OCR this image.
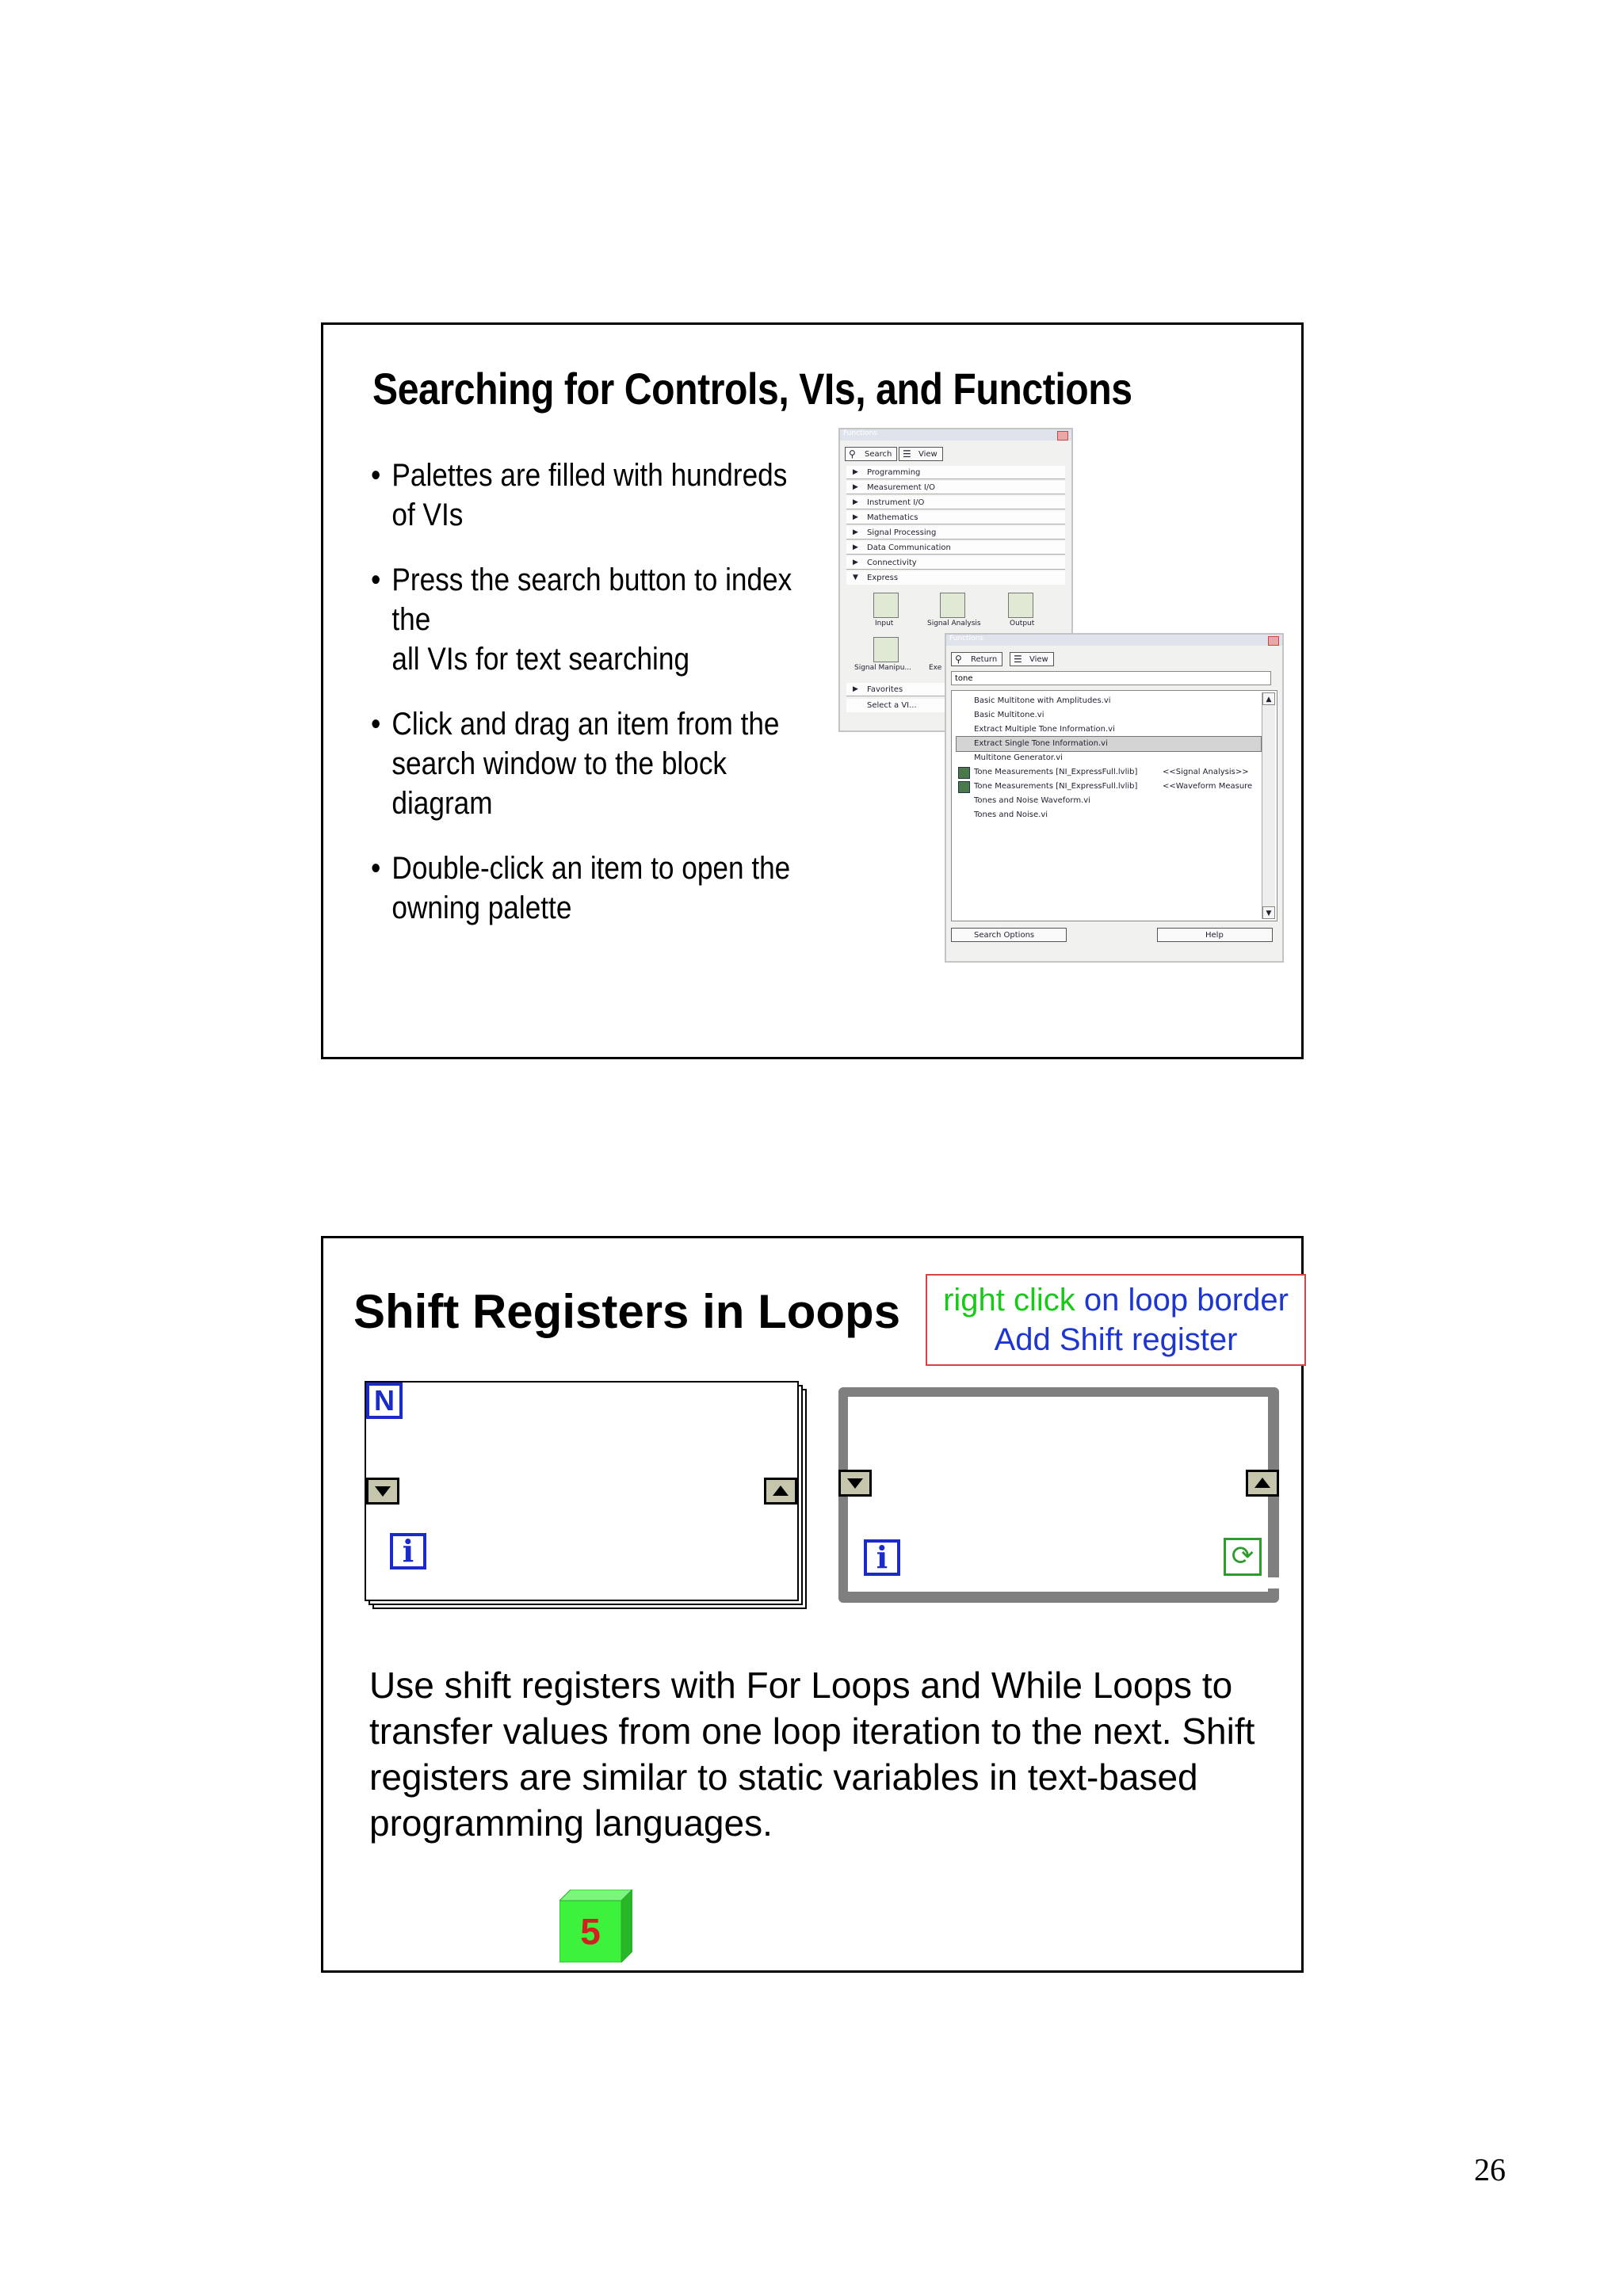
Searching for Controls, VIs, and Functions
• Palettes are filled with hundreds
of VIs
• Press the search button to index the
all VIs for text searching
• Click and drag an item from the
search window to the block diagram
• Double-click an item to open the
owning palette
Functions
⚲ Search	☰ View
▶ Programming
▶ Measurement I/O
▶ Instrument I/O
▶ Mathematics
▶ Signal Processing
▶ Data Communication
▶ Connectivity
▼ Express
Input	Signal Analysis	Output
Signal Manipu... Exe
▶ Favorites
Select a VI...
Functions
⚲ Return	☰ View
tone
Basic Multitone with Amplitudes.vi
Basic Multitone.vi
Extract Multiple Tone Information.vi
Extract Single Tone Information.vi
Multitone Generator.vi
Tone Measurements [NI_ExpressFull.lvlib]	<<Signal Analysis>>
Tone Measurements [NI_ExpressFull.lvlib]	<<Waveform Measure
Tones and Noise Waveform.vi
Tones and Noise.vi
▲
▼
Search Options	Help
Shift Registers in Loops	right click on loop border
Add Shift register
N
i	i	⟳
Use shift registers with For Loops and While Loops to transfer values from one loop iteration to the next. Shift registers are similar to static variables in text-based programming languages.
5
26
